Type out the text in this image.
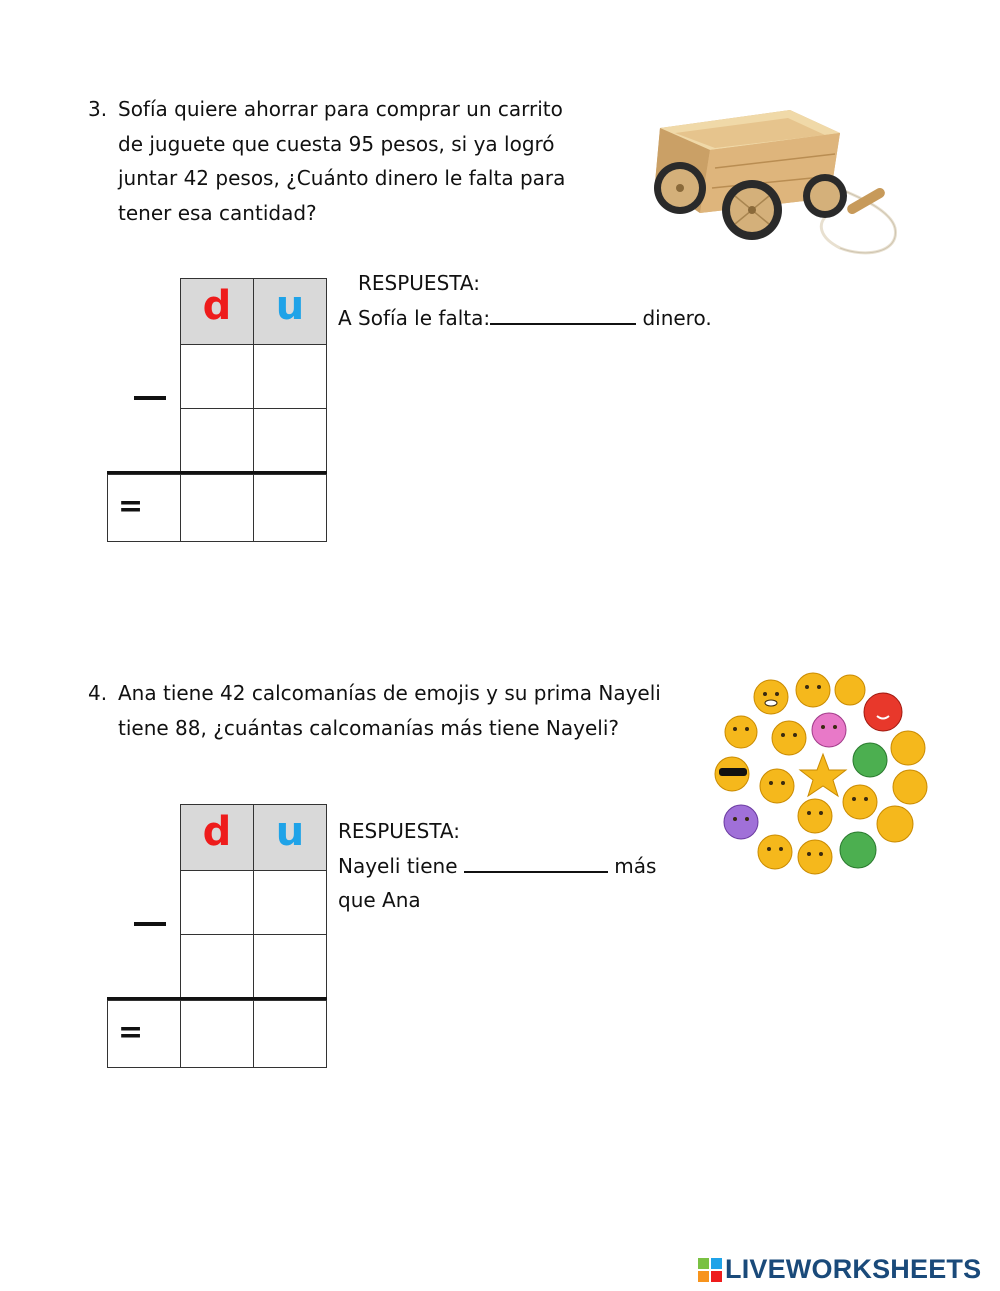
3. Sofía quiere ahorrar para comprar un carrito
de juguete que cuesta 95 pesos, si ya logró
juntar 42 pesos, ¿Cuánto dinero le falta para
tener esa cantidad?
d	u
=
RESPUESTA:
A Sofía le falta:	dinero.
4. Ana tiene 42 calcomanías de emojis y su prima Nayeli
tiene 88, ¿cuántas calcomanías más tiene Nayeli?
d	u
=
RESPUESTA:
Nayeli tiene	más
que Ana
LIVEWORKSHEETS
